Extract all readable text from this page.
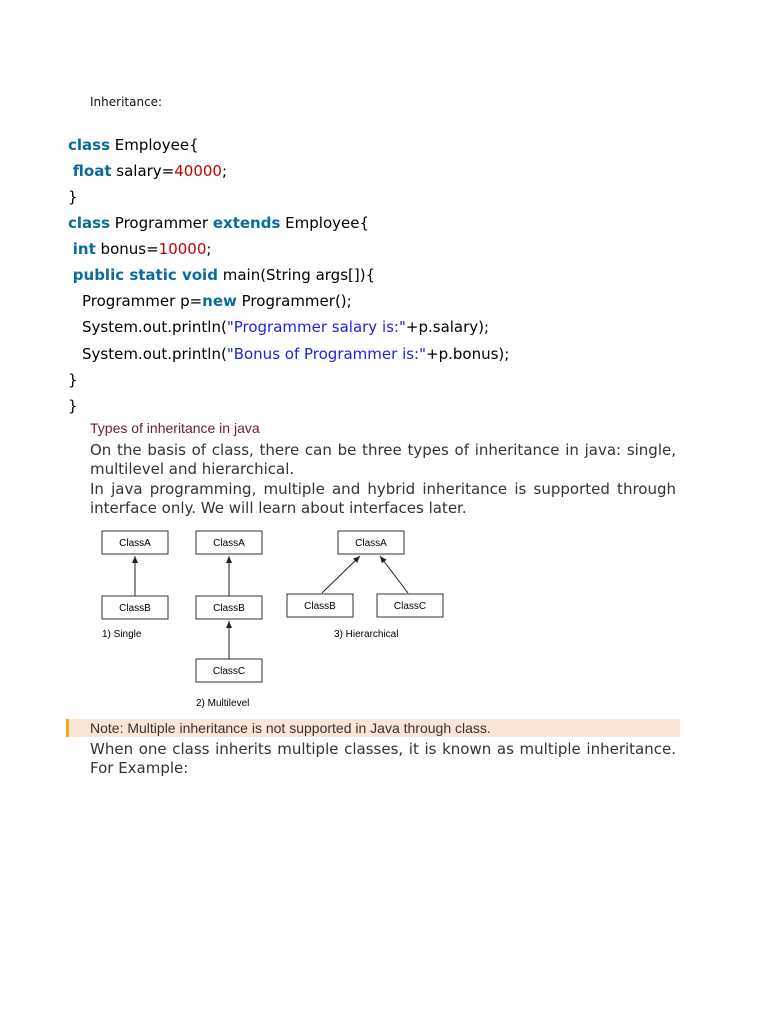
Inheritance:
class Employee{
float salary=40000;
}
class Programmer extends Employee{
int bonus=10000;
public static void main(String args[]){
Programmer p=new Programmer();
System.out.println("Programmer salary is:"+p.salary);
System.out.println("Bonus of Programmer is:"+p.bonus);
}
}
Types of inheritance in java
On the basis of class, there can be three types of inheritance in java: single, multilevel and hierarchical.
In java programming, multiple and hybrid inheritance is supported through interface only. We will learn about interfaces later.
ClassA
ClassB
1) Single
ClassA
ClassB
ClassC
2) Multilevel
ClassA
ClassB	ClassC
3) Hierarchical

Note: Multiple inheritance is not supported in Java through class.

When one class inherits multiple classes, it is known as multiple inheritance. For Example:
